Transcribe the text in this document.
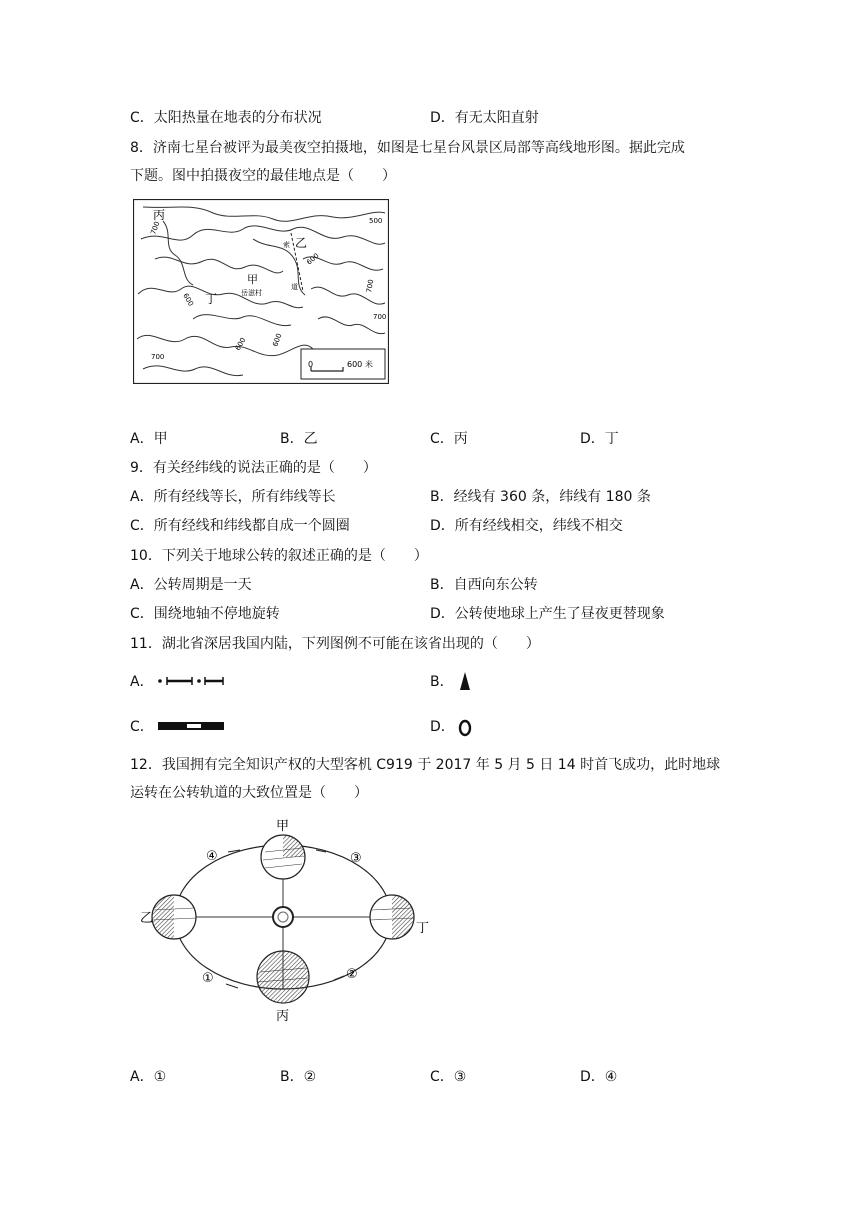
C．太阳热量在地表的分布状况	D．有无太阳直射
8．济南七星台被评为最美夜空拍摄地，如图是七星台风景区局部等高线地形图。据此完成
下题。图中拍摄夜空的最佳地点是（　　）
丙
乙
甲
丁	岳滋村
索
道
700	500
600
600
600
700
700
600
700
0	600 米
A．甲	B．乙	C．丙	D．丁
9．有关经纬线的说法正确的是（　　）
A．所有经线等长，所有纬线等长	B．经线有 360 条，纬线有 180 条
C．所有经线和纬线都自成一个圆圈	D．所有经线相交，纬线不相交
10．下列关于地球公转的叙述正确的是（　　）
A．公转周期是一天	B．自西向东公转
C．围绕地轴不停地旋转	D．公转使地球上产生了昼夜更替现象
11．湖北省深居我国内陆，下列图例不可能在该省出现的（　　）
A．	B．
C．	D．
12．我国拥有完全知识产权的大型客机 C919 于 2017 年 5 月 5 日 14 时首飞成功，此时地球
运转在公转轨道的大致位置是（　　）
甲
乙
丙
丁
④	③
①	②
A．①	B．②	C．③	D．④
